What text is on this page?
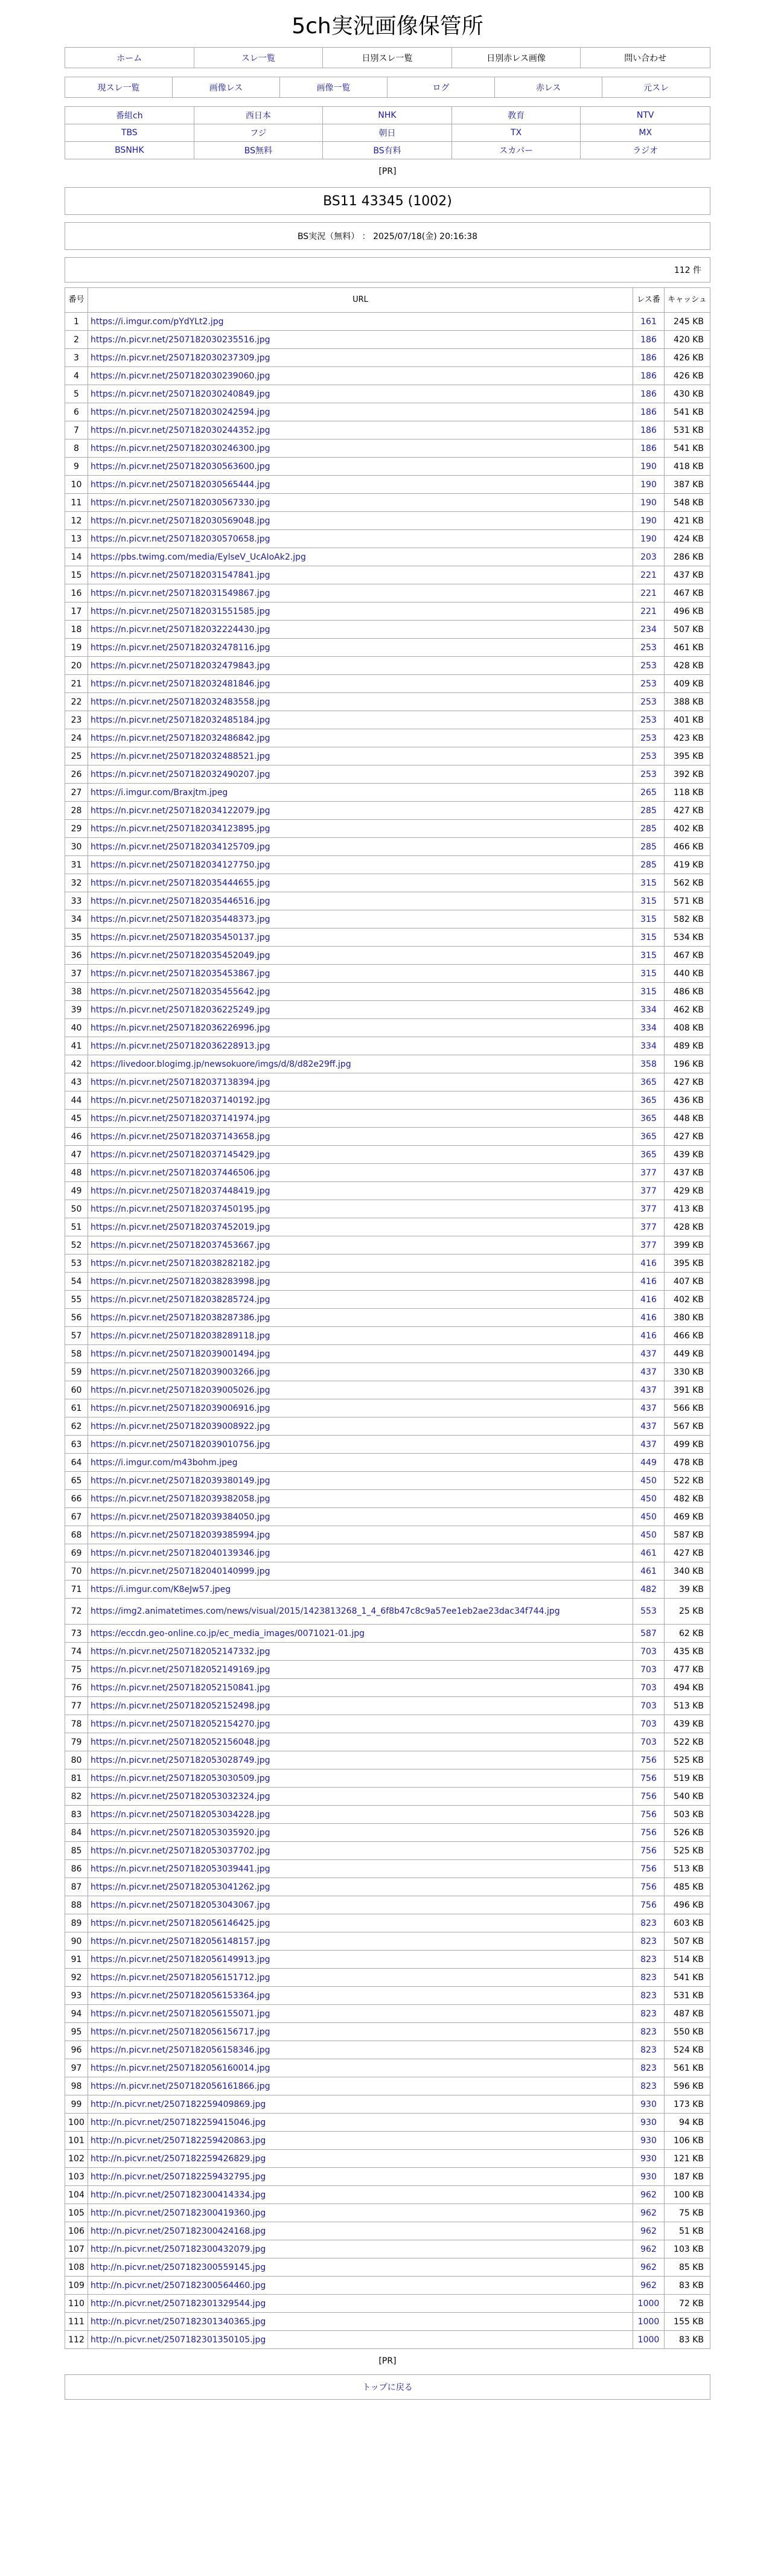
5ch実況画像保管所
ホーム	スレ一覧	日別スレ一覧	日別赤レス画像	問い合わせ
現スレ一覧	画像レス	画像一覧	ログ	赤レス	元スレ
番組ch	西日本	NHK	教育	NTV
TBS	フジ	朝日	TX	MX
BSNHK	BS無料	BS有料	スカパー	ラジオ
[PR]
BS11 43345 (1002)
BS実況（無料） ： 2025/07/18(金) 20:16:38
112 件
番号	URL	レス番	キャッシュ
1	https://i.imgur.com/pYdYLt2.jpg	161	245 KB
2	https://n.picvr.net/2507182030235516.jpg	186	420 KB
3	https://n.picvr.net/2507182030237309.jpg	186	426 KB
4	https://n.picvr.net/2507182030239060.jpg	186	426 KB
5	https://n.picvr.net/2507182030240849.jpg	186	430 KB
6	https://n.picvr.net/2507182030242594.jpg	186	541 KB
7	https://n.picvr.net/2507182030244352.jpg	186	531 KB
8	https://n.picvr.net/2507182030246300.jpg	186	541 KB
9	https://n.picvr.net/2507182030563600.jpg	190	418 KB
10	https://n.picvr.net/2507182030565444.jpg	190	387 KB
11	https://n.picvr.net/2507182030567330.jpg	190	548 KB
12	https://n.picvr.net/2507182030569048.jpg	190	421 KB
13	https://n.picvr.net/2507182030570658.jpg	190	424 KB
14	https://pbs.twimg.com/media/EylseV_UcAIoAk2.jpg	203	286 KB
15	https://n.picvr.net/2507182031547841.jpg	221	437 KB
16	https://n.picvr.net/2507182031549867.jpg	221	467 KB
17	https://n.picvr.net/2507182031551585.jpg	221	496 KB
18	https://n.picvr.net/2507182032224430.jpg	234	507 KB
19	https://n.picvr.net/2507182032478116.jpg	253	461 KB
20	https://n.picvr.net/2507182032479843.jpg	253	428 KB
21	https://n.picvr.net/2507182032481846.jpg	253	409 KB
22	https://n.picvr.net/2507182032483558.jpg	253	388 KB
23	https://n.picvr.net/2507182032485184.jpg	253	401 KB
24	https://n.picvr.net/2507182032486842.jpg	253	423 KB
25	https://n.picvr.net/2507182032488521.jpg	253	395 KB
26	https://n.picvr.net/2507182032490207.jpg	253	392 KB
27	https://i.imgur.com/Braxjtm.jpeg	265	118 KB
28	https://n.picvr.net/2507182034122079.jpg	285	427 KB
29	https://n.picvr.net/2507182034123895.jpg	285	402 KB
30	https://n.picvr.net/2507182034125709.jpg	285	466 KB
31	https://n.picvr.net/2507182034127750.jpg	285	419 KB
32	https://n.picvr.net/2507182035444655.jpg	315	562 KB
33	https://n.picvr.net/2507182035446516.jpg	315	571 KB
34	https://n.picvr.net/2507182035448373.jpg	315	582 KB
35	https://n.picvr.net/2507182035450137.jpg	315	534 KB
36	https://n.picvr.net/2507182035452049.jpg	315	467 KB
37	https://n.picvr.net/2507182035453867.jpg	315	440 KB
38	https://n.picvr.net/2507182035455642.jpg	315	486 KB
39	https://n.picvr.net/2507182036225249.jpg	334	462 KB
40	https://n.picvr.net/2507182036226996.jpg	334	408 KB
41	https://n.picvr.net/2507182036228913.jpg	334	489 KB
42	https://livedoor.blogimg.jp/newsokuore/imgs/d/8/d82e29ff.jpg	358	196 KB
43	https://n.picvr.net/2507182037138394.jpg	365	427 KB
44	https://n.picvr.net/2507182037140192.jpg	365	436 KB
45	https://n.picvr.net/2507182037141974.jpg	365	448 KB
46	https://n.picvr.net/2507182037143658.jpg	365	427 KB
47	https://n.picvr.net/2507182037145429.jpg	365	439 KB
48	https://n.picvr.net/2507182037446506.jpg	377	437 KB
49	https://n.picvr.net/2507182037448419.jpg	377	429 KB
50	https://n.picvr.net/2507182037450195.jpg	377	413 KB
51	https://n.picvr.net/2507182037452019.jpg	377	428 KB
52	https://n.picvr.net/2507182037453667.jpg	377	399 KB
53	https://n.picvr.net/2507182038282182.jpg	416	395 KB
54	https://n.picvr.net/2507182038283998.jpg	416	407 KB
55	https://n.picvr.net/2507182038285724.jpg	416	402 KB
56	https://n.picvr.net/2507182038287386.jpg	416	380 KB
57	https://n.picvr.net/2507182038289118.jpg	416	466 KB
58	https://n.picvr.net/2507182039001494.jpg	437	449 KB
59	https://n.picvr.net/2507182039003266.jpg	437	330 KB
60	https://n.picvr.net/2507182039005026.jpg	437	391 KB
61	https://n.picvr.net/2507182039006916.jpg	437	566 KB
62	https://n.picvr.net/2507182039008922.jpg	437	567 KB
63	https://n.picvr.net/2507182039010756.jpg	437	499 KB
64	https://i.imgur.com/m43bohm.jpeg	449	478 KB
65	https://n.picvr.net/2507182039380149.jpg	450	522 KB
66	https://n.picvr.net/2507182039382058.jpg	450	482 KB
67	https://n.picvr.net/2507182039384050.jpg	450	469 KB
68	https://n.picvr.net/2507182039385994.jpg	450	587 KB
69	https://n.picvr.net/2507182040139346.jpg	461	427 KB
70	https://n.picvr.net/2507182040140999.jpg	461	340 KB
71	https://i.imgur.com/K8eJw57.jpeg	482	39 KB
72	https://img2.animatetimes.com/news/visual/2015/1423813268_1_4_6f8b47c8c9a57ee1eb2ae23dac34f744.jpg	553	25 KB
73	https://eccdn.geo-online.co.jp/ec_media_images/0071021-01.jpg	587	62 KB
74	https://n.picvr.net/2507182052147332.jpg	703	435 KB
75	https://n.picvr.net/2507182052149169.jpg	703	477 KB
76	https://n.picvr.net/2507182052150841.jpg	703	494 KB
77	https://n.picvr.net/2507182052152498.jpg	703	513 KB
78	https://n.picvr.net/2507182052154270.jpg	703	439 KB
79	https://n.picvr.net/2507182052156048.jpg	703	522 KB
80	https://n.picvr.net/2507182053028749.jpg	756	525 KB
81	https://n.picvr.net/2507182053030509.jpg	756	519 KB
82	https://n.picvr.net/2507182053032324.jpg	756	540 KB
83	https://n.picvr.net/2507182053034228.jpg	756	503 KB
84	https://n.picvr.net/2507182053035920.jpg	756	526 KB
85	https://n.picvr.net/2507182053037702.jpg	756	525 KB
86	https://n.picvr.net/2507182053039441.jpg	756	513 KB
87	https://n.picvr.net/2507182053041262.jpg	756	485 KB
88	https://n.picvr.net/2507182053043067.jpg	756	496 KB
89	https://n.picvr.net/2507182056146425.jpg	823	603 KB
90	https://n.picvr.net/2507182056148157.jpg	823	507 KB
91	https://n.picvr.net/2507182056149913.jpg	823	514 KB
92	https://n.picvr.net/2507182056151712.jpg	823	541 KB
93	https://n.picvr.net/2507182056153364.jpg	823	531 KB
94	https://n.picvr.net/2507182056155071.jpg	823	487 KB
95	https://n.picvr.net/2507182056156717.jpg	823	550 KB
96	https://n.picvr.net/2507182056158346.jpg	823	524 KB
97	https://n.picvr.net/2507182056160014.jpg	823	561 KB
98	https://n.picvr.net/2507182056161866.jpg	823	596 KB
99	http://n.picvr.net/2507182259409869.jpg	930	173 KB
100	http://n.picvr.net/2507182259415046.jpg	930	94 KB
101	http://n.picvr.net/2507182259420863.jpg	930	106 KB
102	http://n.picvr.net/2507182259426829.jpg	930	121 KB
103	http://n.picvr.net/2507182259432795.jpg	930	187 KB
104	http://n.picvr.net/2507182300414334.jpg	962	100 KB
105	http://n.picvr.net/2507182300419360.jpg	962	75 KB
106	http://n.picvr.net/2507182300424168.jpg	962	51 KB
107	http://n.picvr.net/2507182300432079.jpg	962	103 KB
108	http://n.picvr.net/2507182300559145.jpg	962	85 KB
109	http://n.picvr.net/2507182300564460.jpg	962	83 KB
110	http://n.picvr.net/2507182301329544.jpg	1000	72 KB
111	http://n.picvr.net/2507182301340365.jpg	1000	155 KB
112	http://n.picvr.net/2507182301350105.jpg	1000	83 KB
[PR]
トップに戻る
